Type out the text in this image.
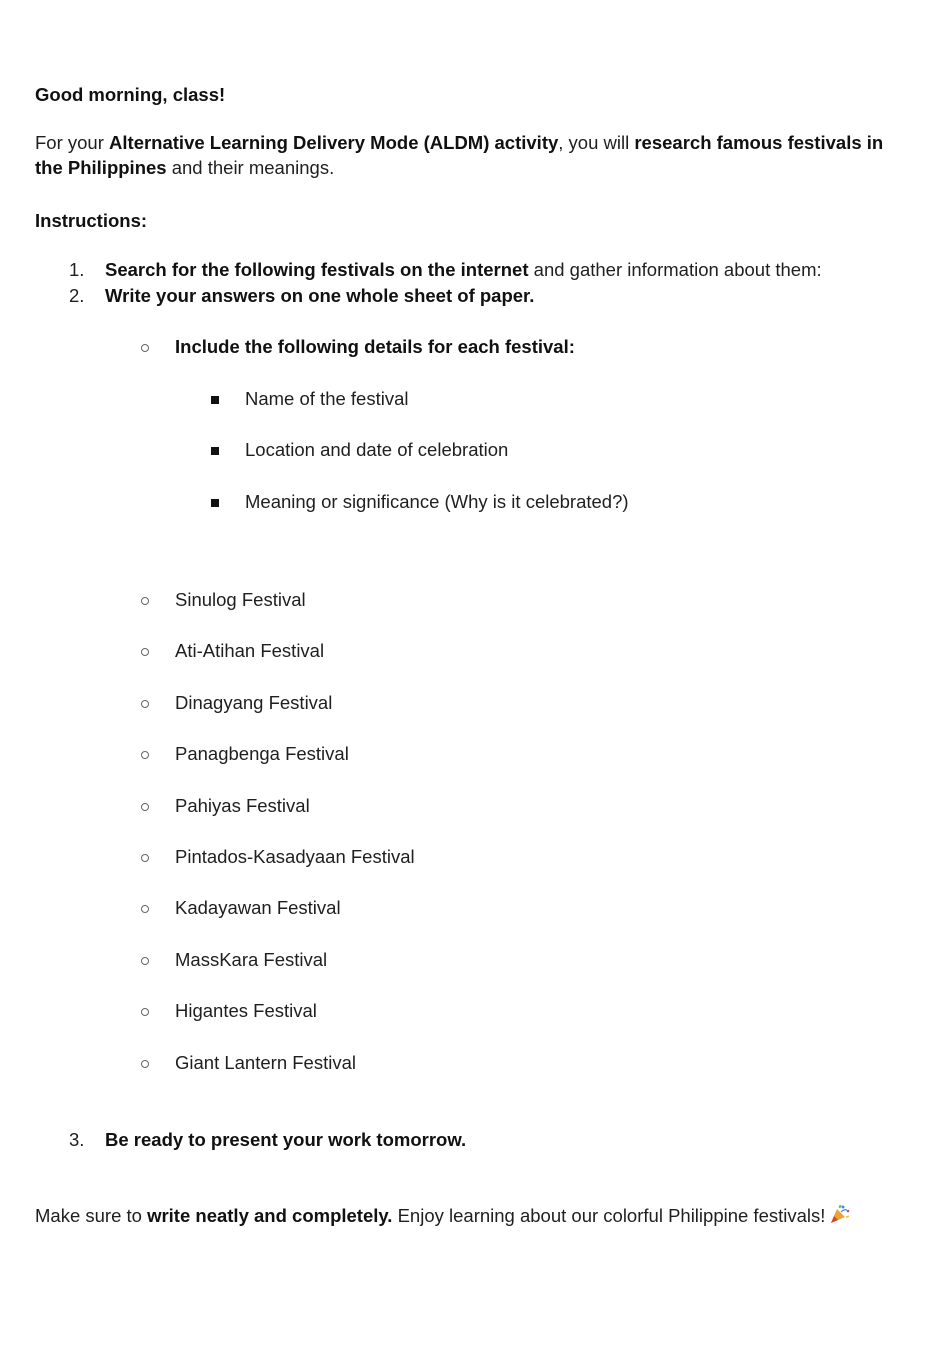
Good morning, class!
For your Alternative Learning Delivery Mode (ALDM) activity, you will research famous festivals in
the Philippines and their meanings.
Instructions:
1.	Search for the following festivals on the internet and gather information about them:
2.	Write your answers on one whole sheet of paper.
Include the following details for each festival:
Name of the festival
Location and date of celebration
Meaning or significance (Why is it celebrated?)
Sinulog Festival
Ati-Atihan Festival
Dinagyang Festival
Panagbenga Festival
Pahiyas Festival
Pintados-Kasadyaan Festival
Kadayawan Festival
MassKara Festival
Higantes Festival
Giant Lantern Festival
3.	Be ready to present your work tomorrow.
Make sure to write neatly and completely. Enjoy learning about our colorful Philippine festivals!
